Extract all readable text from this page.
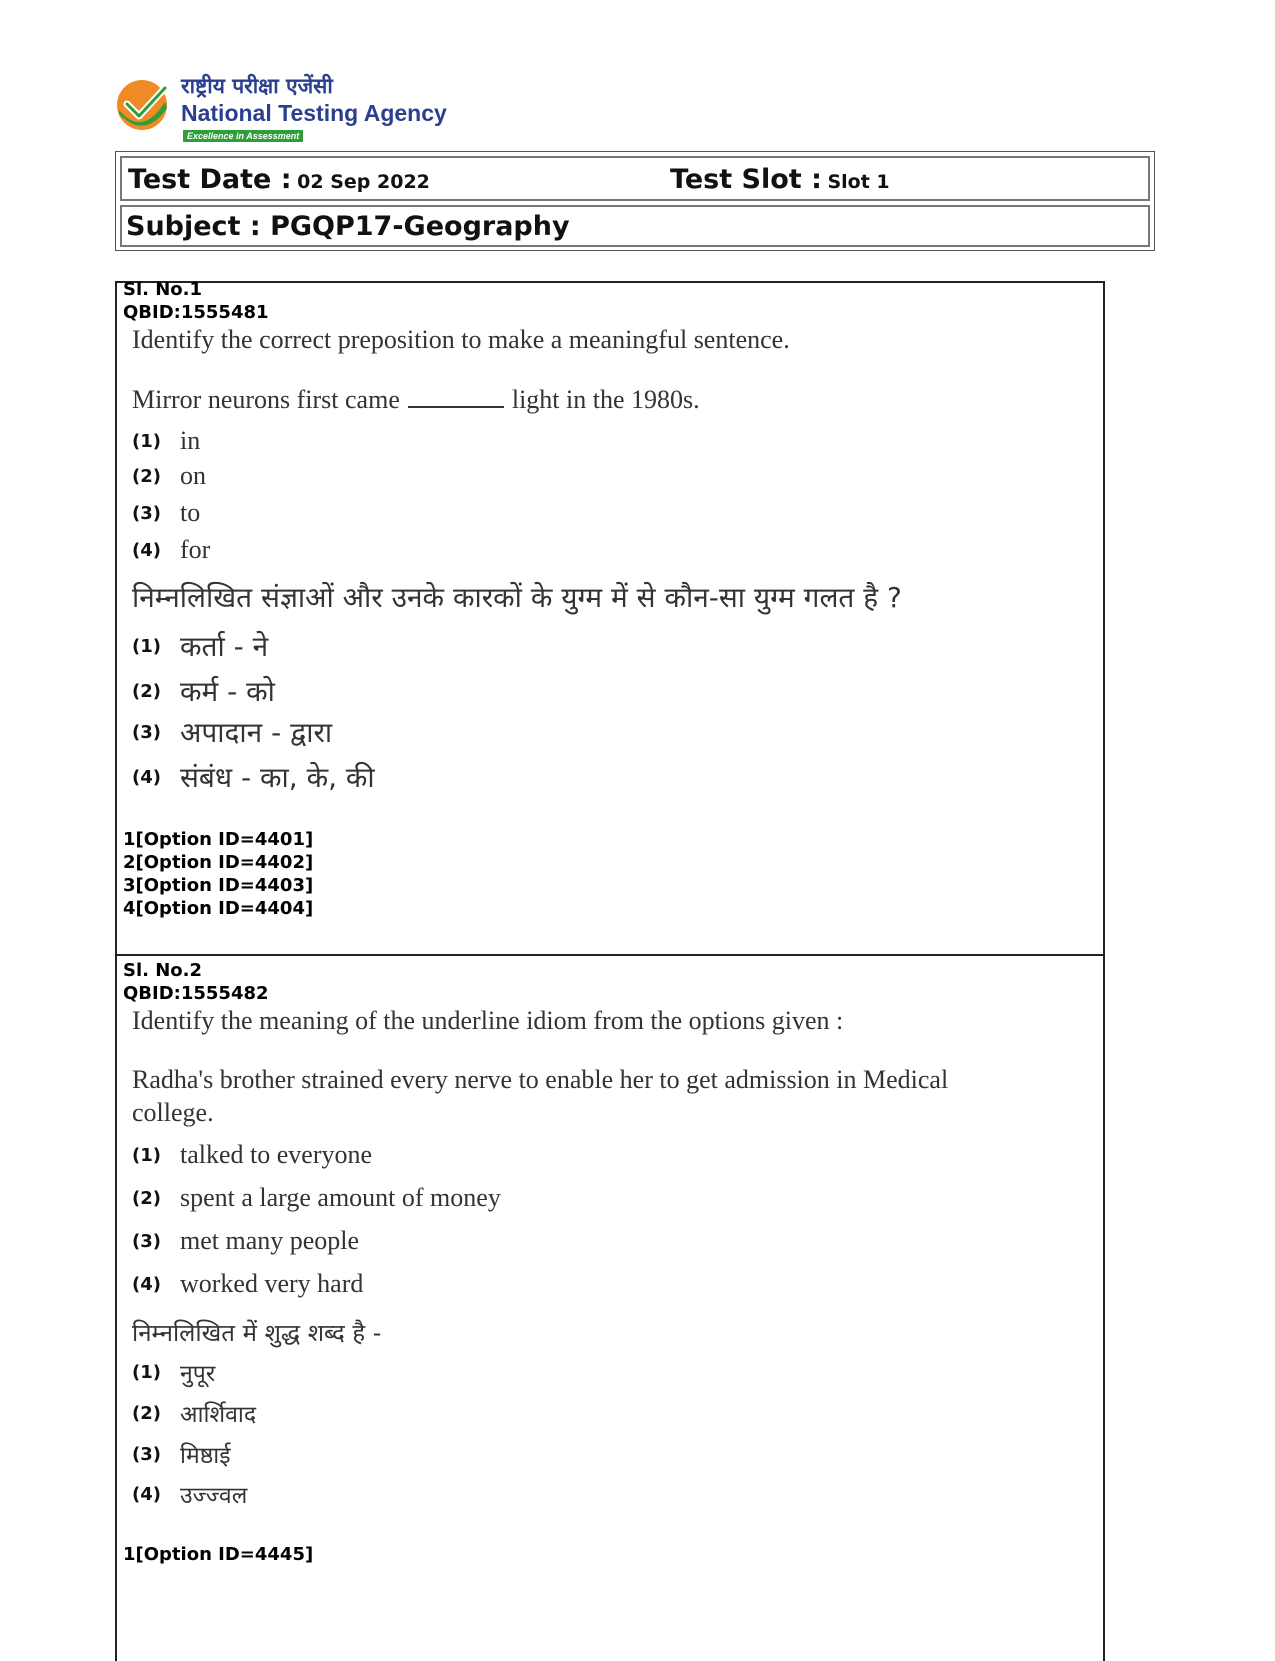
राष्ट्रीय परीक्षा एजेंसी
National Testing Agency
Excellence in Assessment
Test Date : 02 Sep 2022	Test Slot : Slot 1
Subject : PGQP17-Geography
Sl. No.1
QBID:1555481
Identify the correct preposition to make a meaningful sentence.
Mirror neurons first came	light in the 1980s.
(1) in
(2) on
(3) to
(4) for
निम्नलिखित संज्ञाओं और उनके कारकों के युग्म में से कौन-सा युग्म गलत है ?
(1) कर्ता - ने
(2) कर्म - को
(3) अपादान - द्वारा
(4) संबंध - का, के, की
1[Option ID=4401]
2[Option ID=4402]
3[Option ID=4403]
4[Option ID=4404]
Sl. No.2
QBID:1555482
Identify the meaning of the underline idiom from the options given :
Radha's brother strained every nerve to enable her to get admission in Medical college.
(1) talked to everyone
(2) spent a large amount of money
(3) met many people
(4) worked very hard
निम्नलिखित में शुद्ध शब्द है -
(1) नुपूर
(2) आर्शिवाद
(3) मिष्ठाई
(4) उज्ज्वल
1[Option ID=4445]
